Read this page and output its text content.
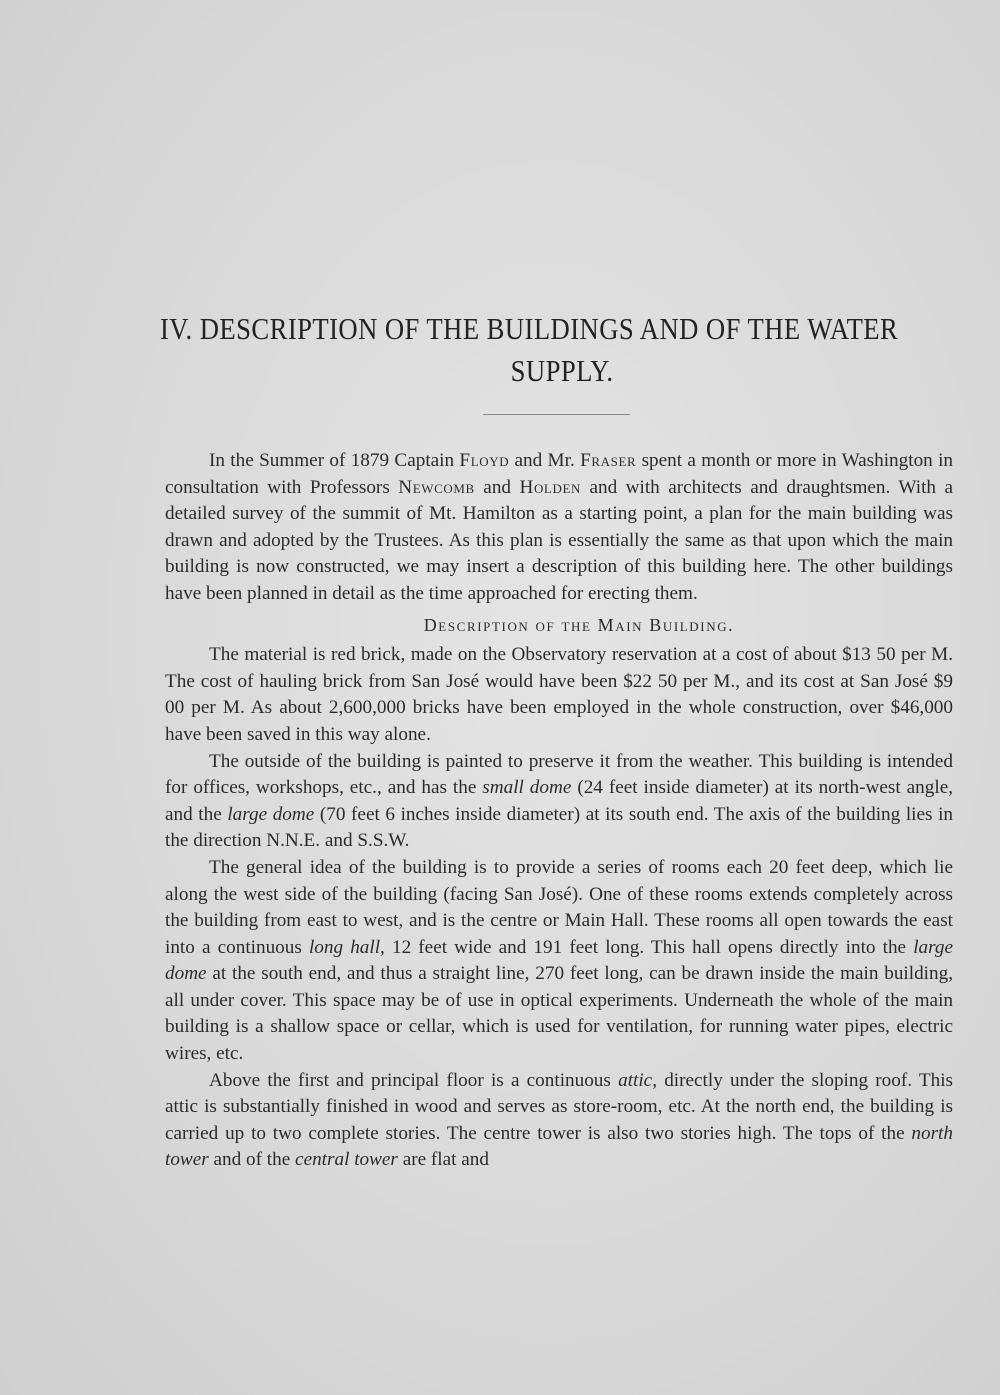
IV. DESCRIPTION OF THE BUILDINGS AND OF THE WATER
SUPPLY.

In the Summer of 1879 Captain Floyd and Mr. Fraser spent a month or more in Washington in consultation with Professors Newcomb and Holden and with architects and draughtsmen. With a detailed survey of the summit of Mt. Hamilton as a starting point, a plan for the main building was drawn and adopted by the Trustees. As this plan is essentially the same as that upon which the main building is now constructed, we may insert a description of this building here. The other buildings have been planned in detail as the time approached for erecting them.

Description of the Main Building.

The material is red brick, made on the Observatory reservation at a cost of about $13 50 per M. The cost of hauling brick from San José would have been $22 50 per M., and its cost at San José $9 00 per M. As about 2,600,000 bricks have been employed in the whole construction, over $46,000 have been saved in this way alone.

The outside of the building is painted to preserve it from the weather. This building is intended for offices, workshops, etc., and has the small dome (24 feet inside diameter) at its north-west angle, and the large dome (70 feet 6 inches inside diameter) at its south end. The axis of the building lies in the direction N.N.E. and S.S.W.

The general idea of the building is to provide a series of rooms each 20 feet deep, which lie along the west side of the building (facing San José). One of these rooms extends completely across the building from east to west, and is the centre or Main Hall. These rooms all open towards the east into a continuous long hall, 12 feet wide and 191 feet long. This hall opens directly into the large dome at the south end, and thus a straight line, 270 feet long, can be drawn inside the main building, all under cover. This space may be of use in optical experiments. Underneath the whole of the main building is a shallow space or cellar, which is used for ventilation, for running water pipes, electric wires, etc.

Above the first and principal floor is a continuous attic, directly under the sloping roof. This attic is substantially finished in wood and serves as store-room, etc. At the north end, the building is carried up to two complete stories. The centre tower is also two stories high. The tops of the north tower and of the central tower are flat and
